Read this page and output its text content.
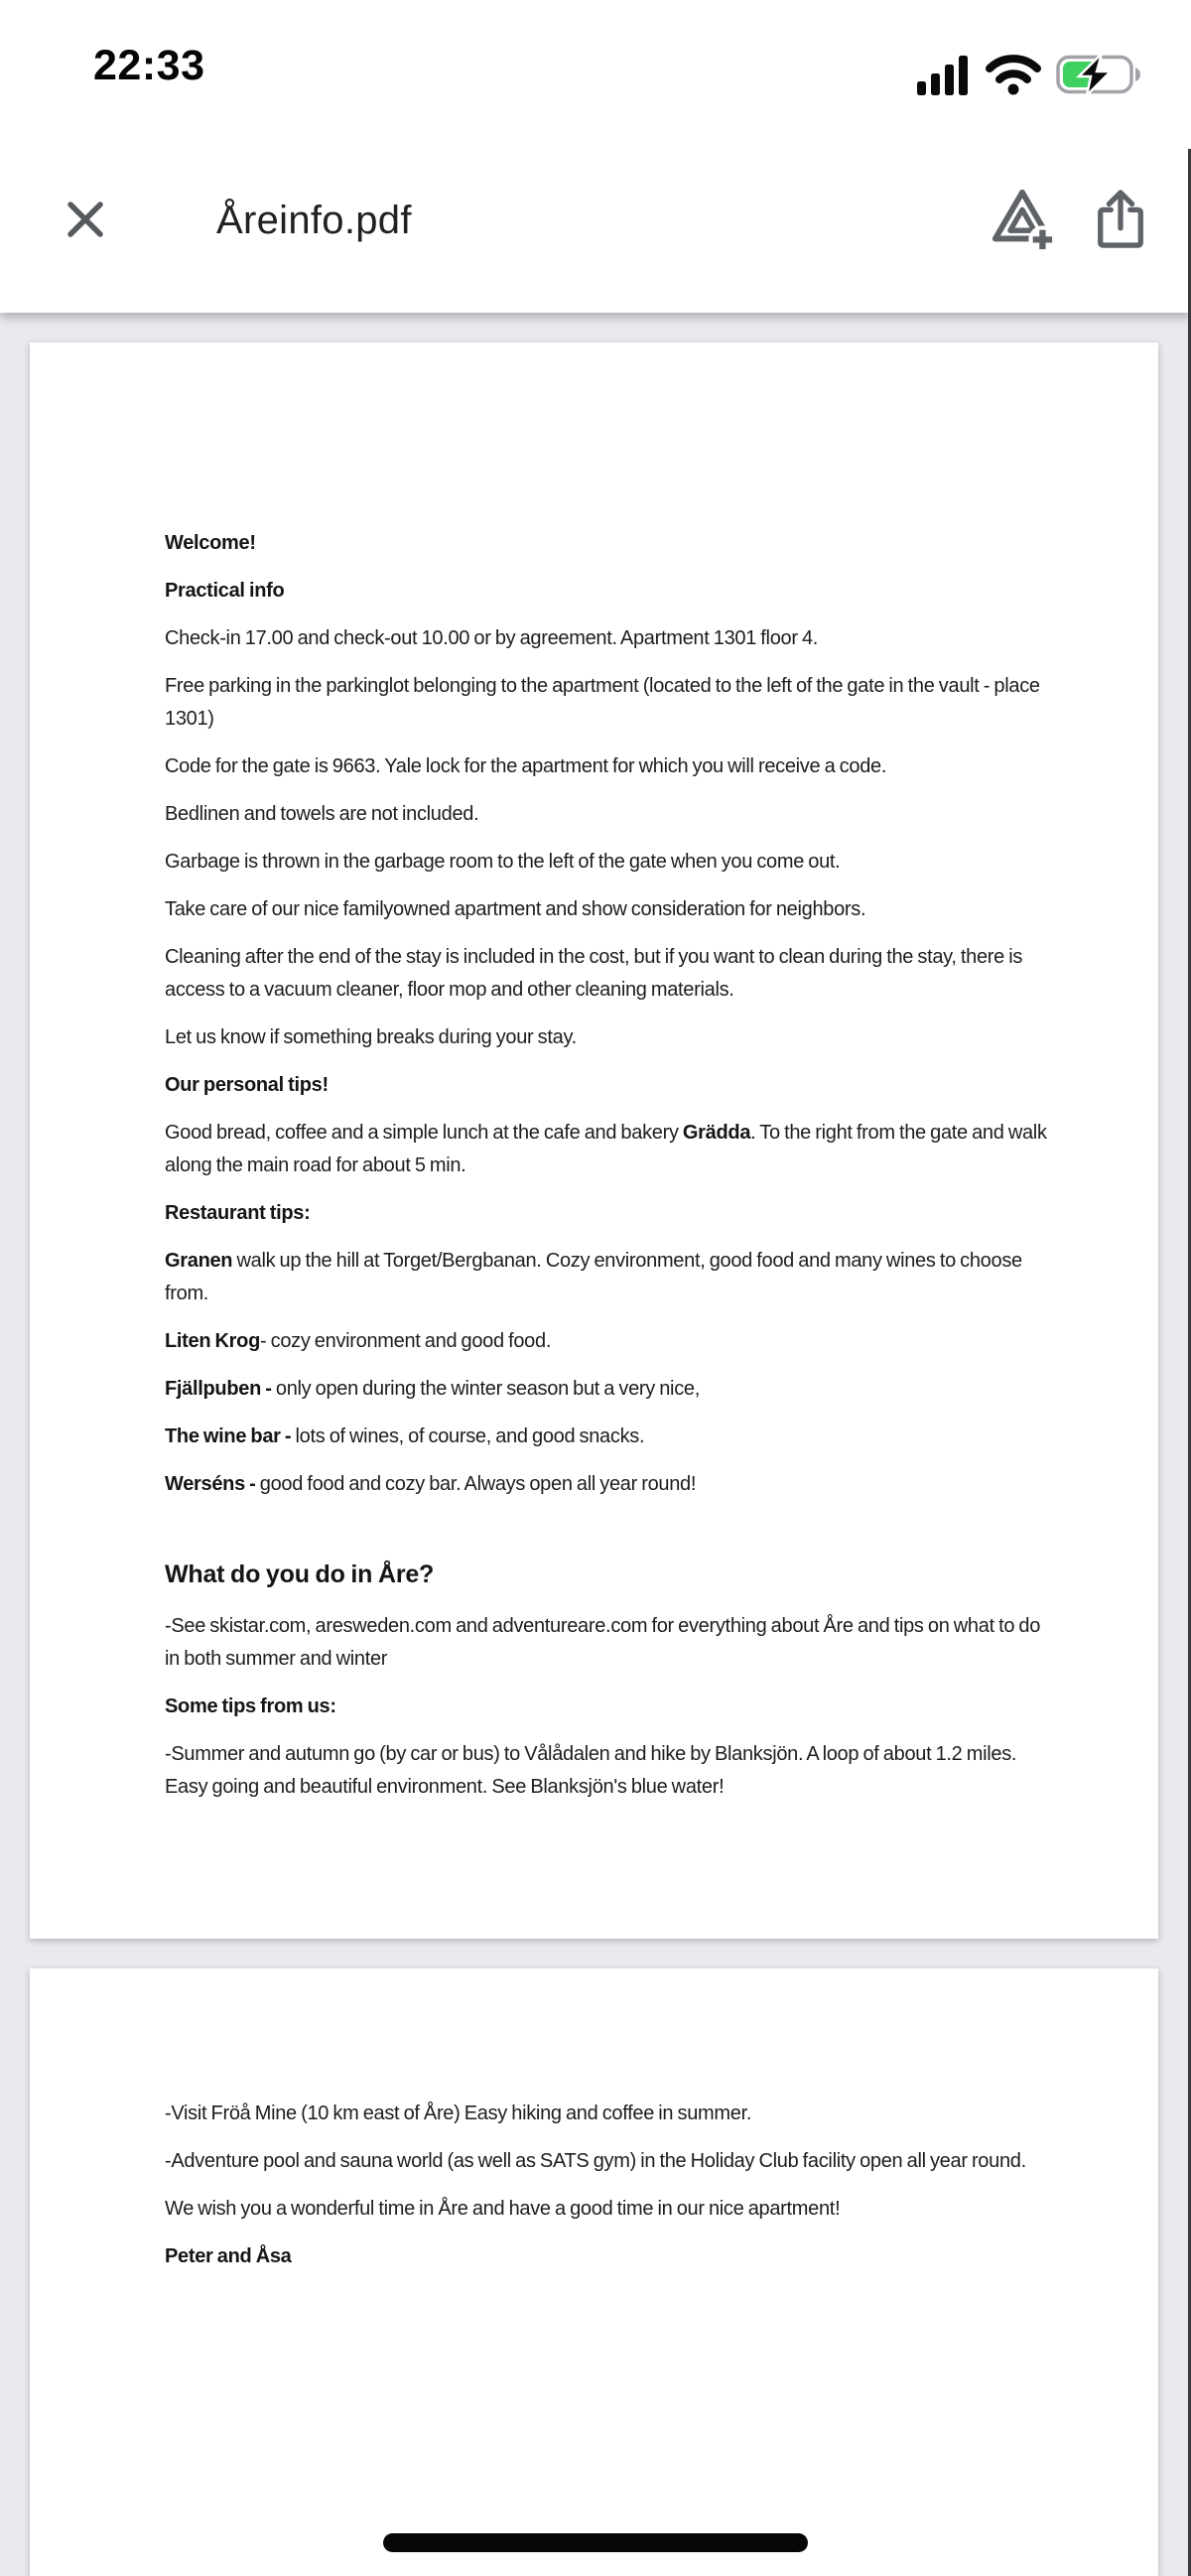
22:33
Åreinfo.pdf

Welcome!

Practical info

Check-in 17.00 and check-out 10.00 or by agreement. Apartment 1301 floor 4.

Free parking in the parkinglot belonging to the apartment (located to the left of the gate in the vault - place 1301)

Code for the gate is 9663. Yale lock for the apartment for which you will receive a code.

Bedlinen and towels are not included.

Garbage is thrown in the garbage room to the left of the gate when you come out.

Take care of our nice familyowned apartment and show consideration for neighbors.

Cleaning after the end of the stay is included in the cost, but if you want to clean during the stay, there is access to a vacuum cleaner, floor mop and other cleaning materials.

Let us know if something breaks during your stay.

Our personal tips!

Good bread, coffee and a simple lunch at the cafe and bakery Grädda. To the right from the gate and walk along the main road for about 5 min.

Restaurant tips:

Granen walk up the hill at Torget/Bergbanan. Cozy environment, good food and many wines to choose from.

Liten Krog- cozy environment and good food.

Fjällpuben - only open during the winter season but a very nice,

The wine bar - lots of wines, of course, and good snacks.

Werséns - good food and cozy bar. Always open all year round!

What do you do in Åre?

-See skistar.com, aresweden.com and adventureare.com for everything about Åre and tips on what to do in both summer and winter

Some tips from us:

-Summer and autumn go (by car or bus) to Vålådalen and hike by Blanksjön. A loop of about 1.2 miles. Easy going and beautiful environment. See Blanksjön's blue water!

-Visit Fröå Mine (10 km east of Åre) Easy hiking and coffee in summer.

-Adventure pool and sauna world (as well as SATS gym) in the Holiday Club facility open all year round.

We wish you a wonderful time in Åre and have a good time in our nice apartment!

Peter and Åsa
